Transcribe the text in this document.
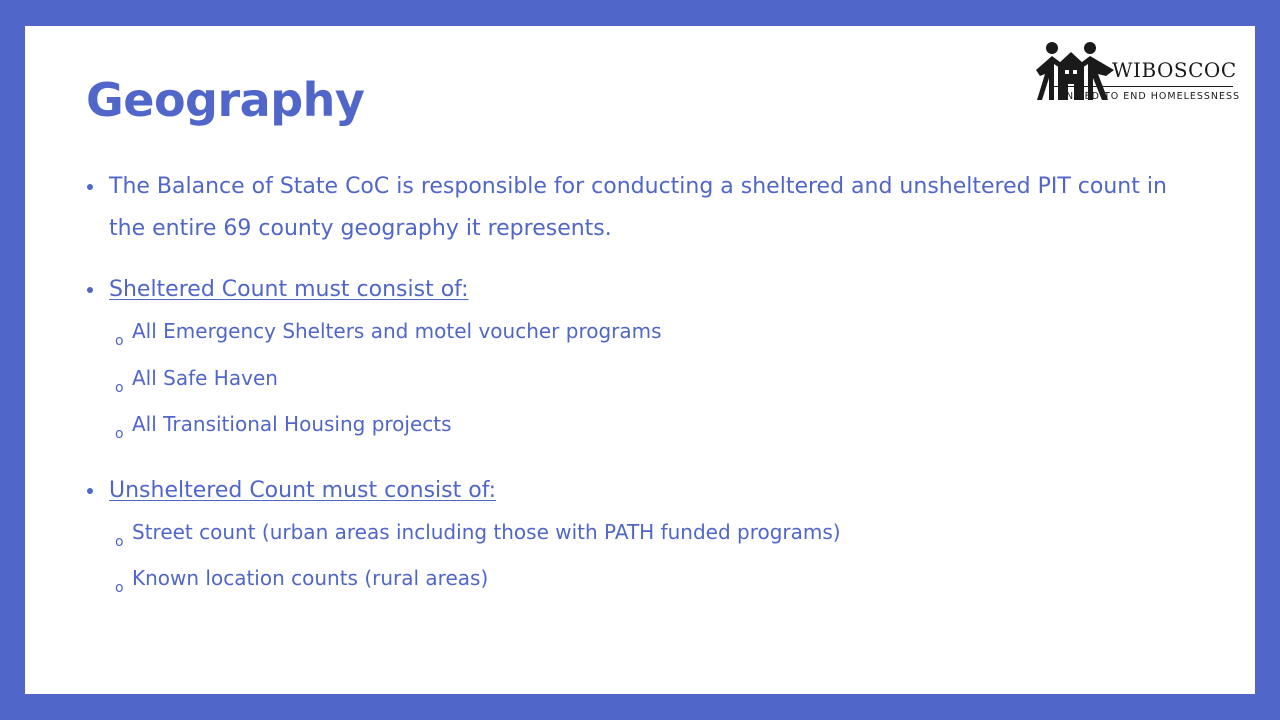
Geography
WIBOSCOC
UNITED TO END HOMELESSNESS
The Balance of State CoC is responsible for conducting a sheltered and unsheltered PIT count in the entire 69 county geography it represents.
Sheltered Count must consist of:
o All Emergency Shelters and motel voucher programs
o All Safe Haven
o All Transitional Housing projects
Unsheltered Count must consist of:
o Street count (urban areas including those with PATH funded programs)
o Known location counts (rural areas)
